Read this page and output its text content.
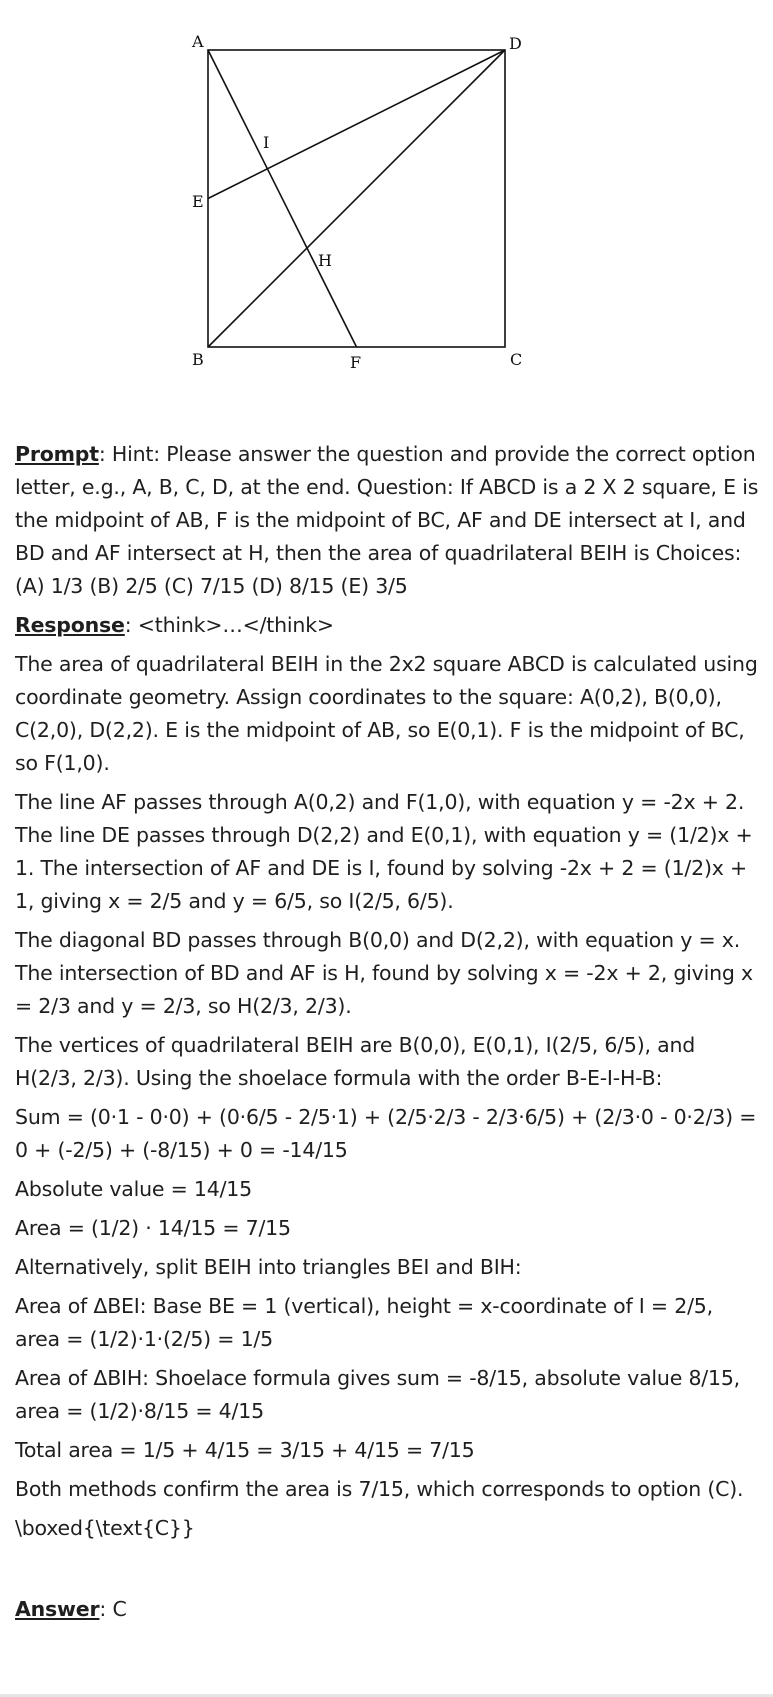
A	D
E
I
H
B	F	C

Prompt: Hint: Please answer the question and provide the correct option letter, e.g., A, B, C, D, at the end. Question: If ABCD is a 2 X 2 square, E is the midpoint of AB, F is the midpoint of BC, AF and DE intersect at I, and BD and AF intersect at H, then the area of quadrilateral BEIH is Choices: (A) 1/3 (B) 2/5 (C) 7/15 (D) 8/15 (E) 3/5

Response: <think>…</think>

The area of quadrilateral BEIH in the 2x2 square ABCD is calculated using coordinate geometry. Assign coordinates to the square: A(0,2), B(0,0), C(2,0), D(2,2). E is the midpoint of AB, so E(0,1). F is the midpoint of BC, so F(1,0).

The line AF passes through A(0,2) and F(1,0), with equation y = -2x + 2. The line DE passes through D(2,2) and E(0,1), with equation y = (1/2)x + 1. The intersection of AF and DE is I, found by solving -2x + 2 = (1/2)x + 1, giving x = 2/5 and y = 6/5, so I(2/5, 6/5).

The diagonal BD passes through B(0,0) and D(2,2), with equation y = x. The intersection of BD and AF is H, found by solving x = -2x + 2, giving x = 2/3 and y = 2/3, so H(2/3, 2/3).

The vertices of quadrilateral BEIH are B(0,0), E(0,1), I(2/5, 6/5), and H(2/3, 2/3). Using the shoelace formula with the order B-E-I-H-B:

Sum = (0·1 - 0·0) + (0·6/5 - 2/5·1) + (2/5·2/3 - 2/3·6/5) + (2/3·0 - 0·2/3) = 0 + (-2/5) + (-8/15) + 0 = -14/15

Absolute value = 14/15

Area = (1/2) · 14/15 = 7/15

Alternatively, split BEIH into triangles BEI and BIH:

Area of ΔBEI: Base BE = 1 (vertical), height = x-coordinate of I = 2/5, area = (1/2)·1·(2/5) = 1/5

Area of ΔBIH: Shoelace formula gives sum = -8/15, absolute value 8/15, area = (1/2)·8/15 = 4/15

Total area = 1/5 + 4/15 = 3/15 + 4/15 = 7/15

Both methods confirm the area is 7/15, which corresponds to option (C).

\boxed{\text{C}}

Answer: C
